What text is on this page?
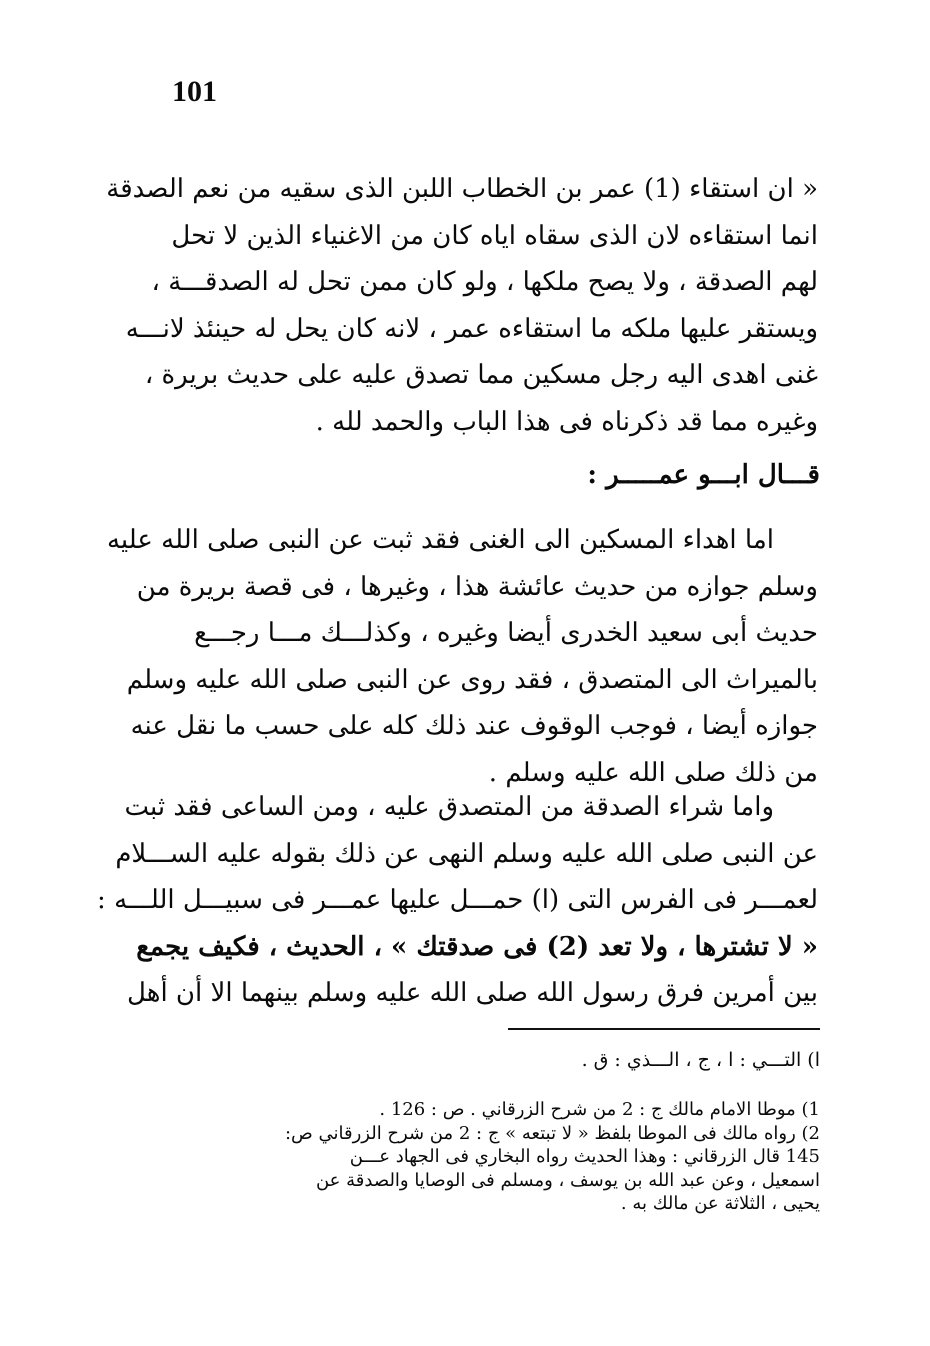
101
« ان استقاء (1) عمر بن الخطاب اللبن الذى سقيه من نعم الصدقة
انما استقاءه لان الذى سقاه اياه كان من الاغنياء الذين لا تحل
لهم الصدقة ، ولا يصح ملكها ، ولو كان ممن تحل له الصدقـــة ،
ويستقر عليها ملكه ما استقاءه عمر ، لانه كان يحل له حينئذ لانـــه
غنى اهدى اليه رجل مسكين مما تصدق عليه على حديث بريرة ،
وغيره مما قد ذكرناه فى هذا الباب والحمد لله .
قـــال ابـــو عمـــــر :
اما اهداء المسكين الى الغنى فقد ثبت عن النبى صلى الله عليه
وسلم جوازه من حديث عائشة هذا ، وغيرها ، فى قصة بريرة من
حديث أبى سعيد الخدرى أيضا وغيره ، وكذلـــك مـــا رجـــع
بالميراث الى المتصدق ، فقد روى عن النبى صلى الله عليه وسلم
جوازه أيضا ، فوجب الوقوف عند ذلك كله على حسب ما نقل عنه
من ذلك صلى الله عليه وسلم .
واما شراء الصدقة من المتصدق عليه ، ومن الساعى فقد ثبت
عن النبى صلى الله عليه وسلم النهى عن ذلك بقوله عليه الســـلام
لعمـــر فى الفرس التى (ا) حمـــل عليها عمـــر فى سبيـــل اللـــه :
« لا تشترها ، ولا تعد (2) فى صدقتك » ، الحديث ، فكيف يجمع
بين أمرين فرق رسول الله صلى الله عليه وسلم بينهما الا أن أهل
ا) التـــي : ا ، ج ، الـــذي : ق .
1) موطا الامام مالك ج : 2 من شرح الزرقاني . ص : 126 .
2) رواه مالك فى الموطا بلفظ « لا تبتعه » ج : 2 من شرح الزرقاني ص:
145 قال الزرقاني : وهذا الحديث رواه البخاري فى الجهاد عـــن
اسمعيل ، وعن عبد الله بن يوسف ، ومسلم فى الوصايا والصدقة عن
يحيى ، الثلاثة عن مالك به .
